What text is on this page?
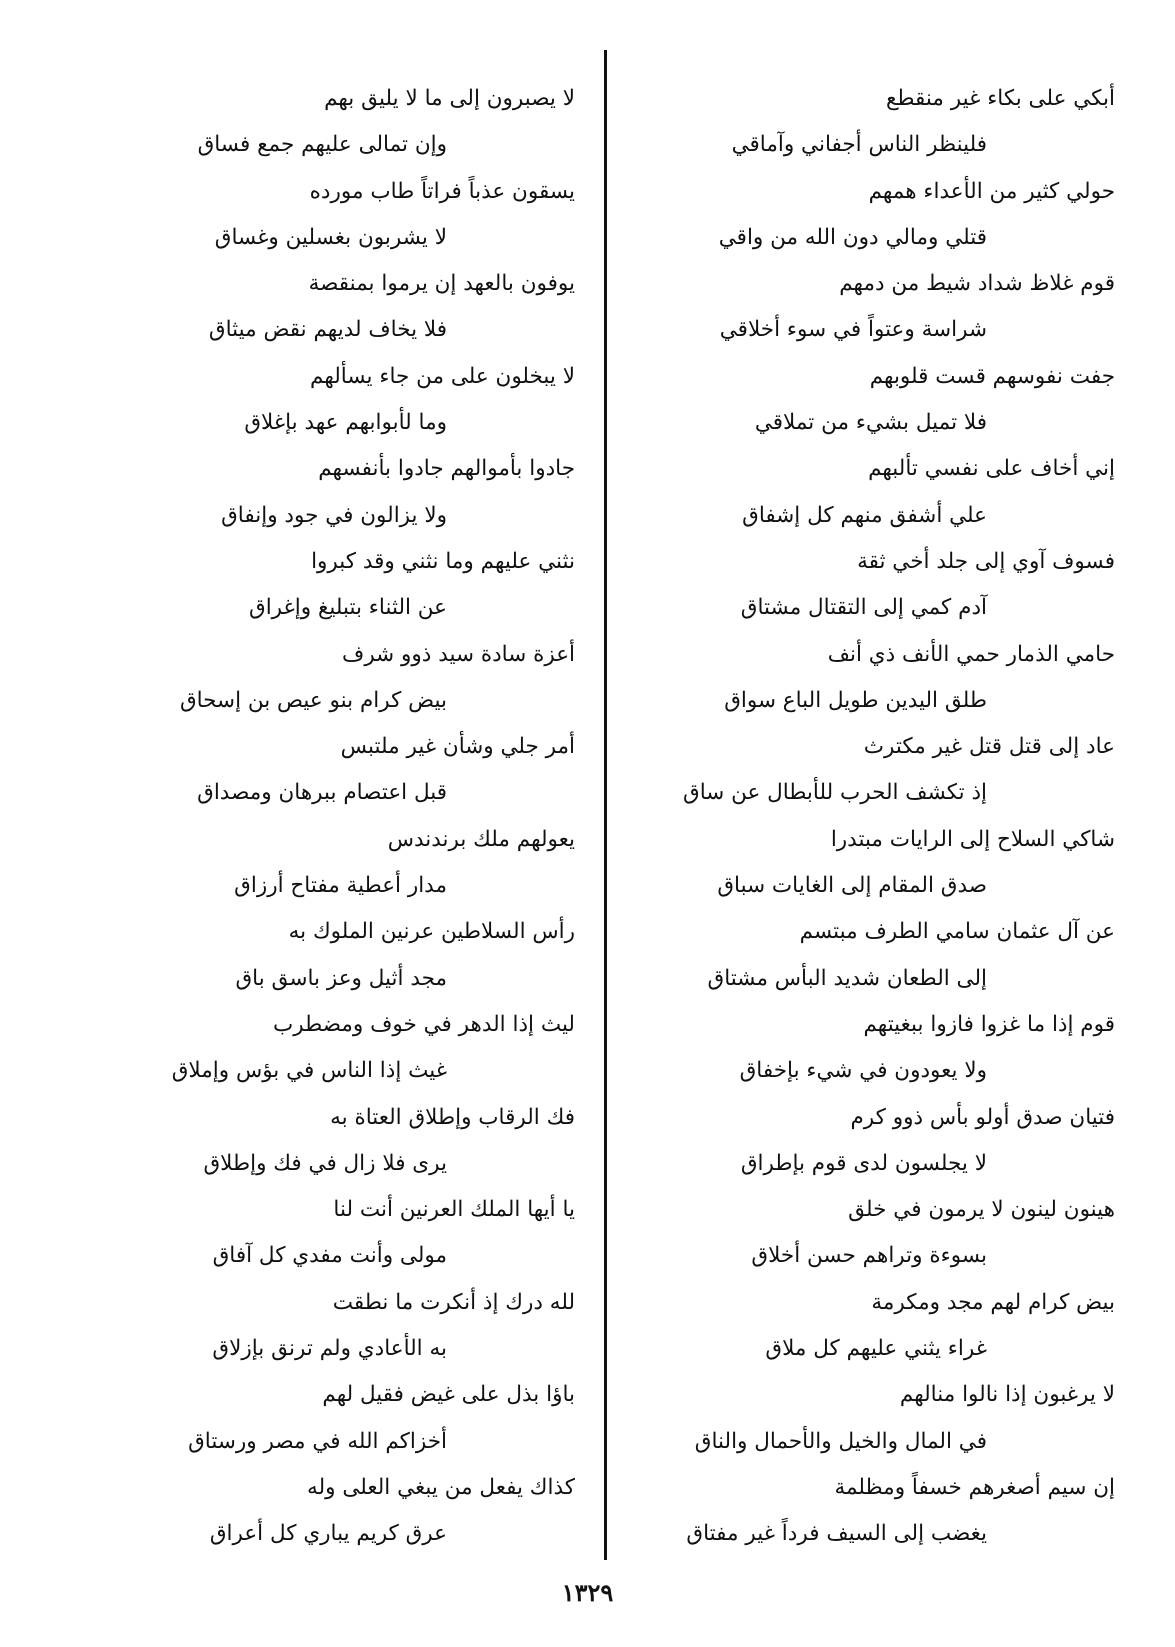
أبكي على بكاء غير منقطع
فلينظر الناس أجفاني وآماقي
حولي كثير من الأعداء همهم
قتلي ومالي دون الله من واقي
قوم غلاظ شداد شيط من دمهم
شراسة وعتواً في سوء أخلاقي
جفت نفوسهم قست قلوبهم
فلا تميل بشيء من تملاقي
إني أخاف على نفسي تألبهم
علي أشفق منهم كل إشفاق
فسوف آوي إلى جلد أخي ثقة
آدم كمي إلى التقتال مشتاق
حامي الذمار حمي الأنف ذي أنف
طلق اليدين طويل الباع سواق
عاد إلى قتل قتل غير مكترث
إذ تكشف الحرب للأبطال عن ساق
شاكي السلاح إلى الرايات مبتدرا
صدق المقام إلى الغايات سباق
عن آل عثمان سامي الطرف مبتسم
إلى الطعان شديد البأس مشتاق
قوم إذا ما غزوا فازوا ببغيتهم
ولا يعودون في شيء بإخفاق
فتيان صدق أولو بأس ذوو كرم
لا يجلسون لدى قوم بإطراق
هينون لينون لا يرمون في خلق
بسوءة وتراهم حسن أخلاق
بيض كرام لهم مجد ومكرمة
غراء يثني عليهم كل ملاق
لا يرغبون إذا نالوا منالهم
في المال والخيل والأحمال والناق
إن سيم أصغرهم خسفاً ومظلمة
يغضب إلى السيف فرداً غير مفتاق
لا يصبرون إلى ما لا يليق بهم
وإن تمالى عليهم جمع فساق
يسقون عذباً فراتاً طاب مورده
لا يشربون بغسلين وغساق
يوفون بالعهد إن يرموا بمنقصة
فلا يخاف لديهم نقض ميثاق
لا يبخلون على من جاء يسألهم
وما لأبوابهم عهد بإغلاق
جادوا بأموالهم جادوا بأنفسهم
ولا يزالون في جود وإنفاق
نثني عليهم وما نثني وقد كبروا
عن الثناء بتبليغ وإغراق
أعزة سادة سيد ذوو شرف
بيض كرام بنو عيص بن إسحاق
أمر جلي وشأن غير ملتبس
قبل اعتصام ببرهان ومصداق
يعولهم ملك برندندس
مدار أعطية مفتاح أرزاق
رأس السلاطين عرنين الملوك به
مجد أثيل وعز باسق باق
ليث إذا الدهر في خوف ومضطرب
غيث إذا الناس في بؤس وإملاق
فك الرقاب وإطلاق العتاة به
يرى فلا زال في فك وإطلاق
يا أيها الملك العرنين أنت لنا
مولى وأنت مفدي كل آفاق
لله درك إذ أنكرت ما نطقت
به الأعادي ولم ترنق بإزلاق
باؤا بذل على غيض فقيل لهم
أخزاكم الله في مصر ورستاق
كذاك يفعل من يبغي العلى وله
عرق كريم يباري كل أعراق
١٣٢٩
